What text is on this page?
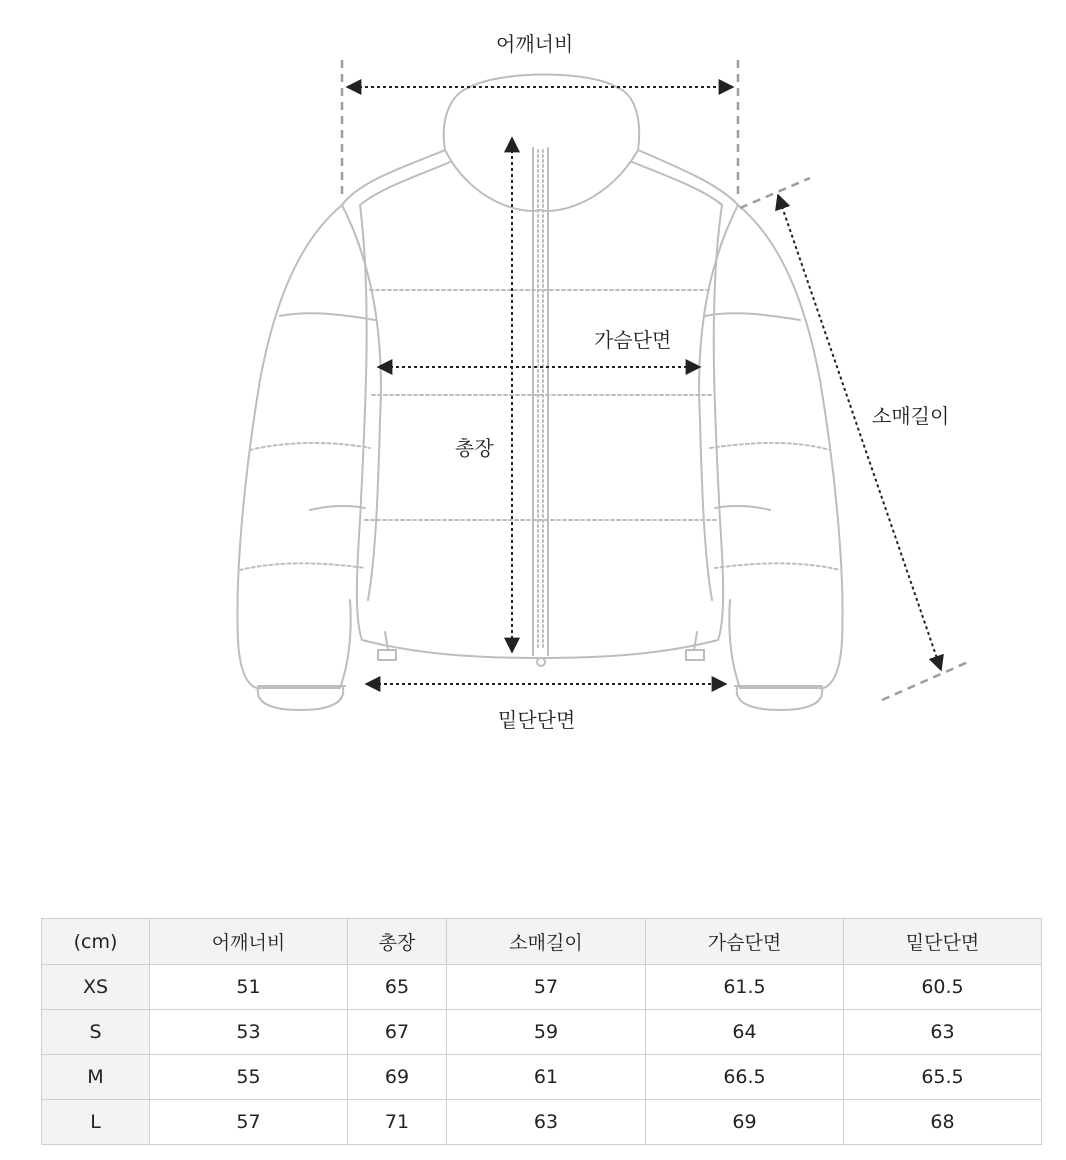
어깨너비
가슴단면
총장
소매길이
밑단단면
(cm)	어깨너비	총장	소매길이	가슴단면	밑단단면
XS	51	65	57	61.5	60.5
S	53	67	59	64	63
M	55	69	61	66.5	65.5
L	57	71	63	69	68
